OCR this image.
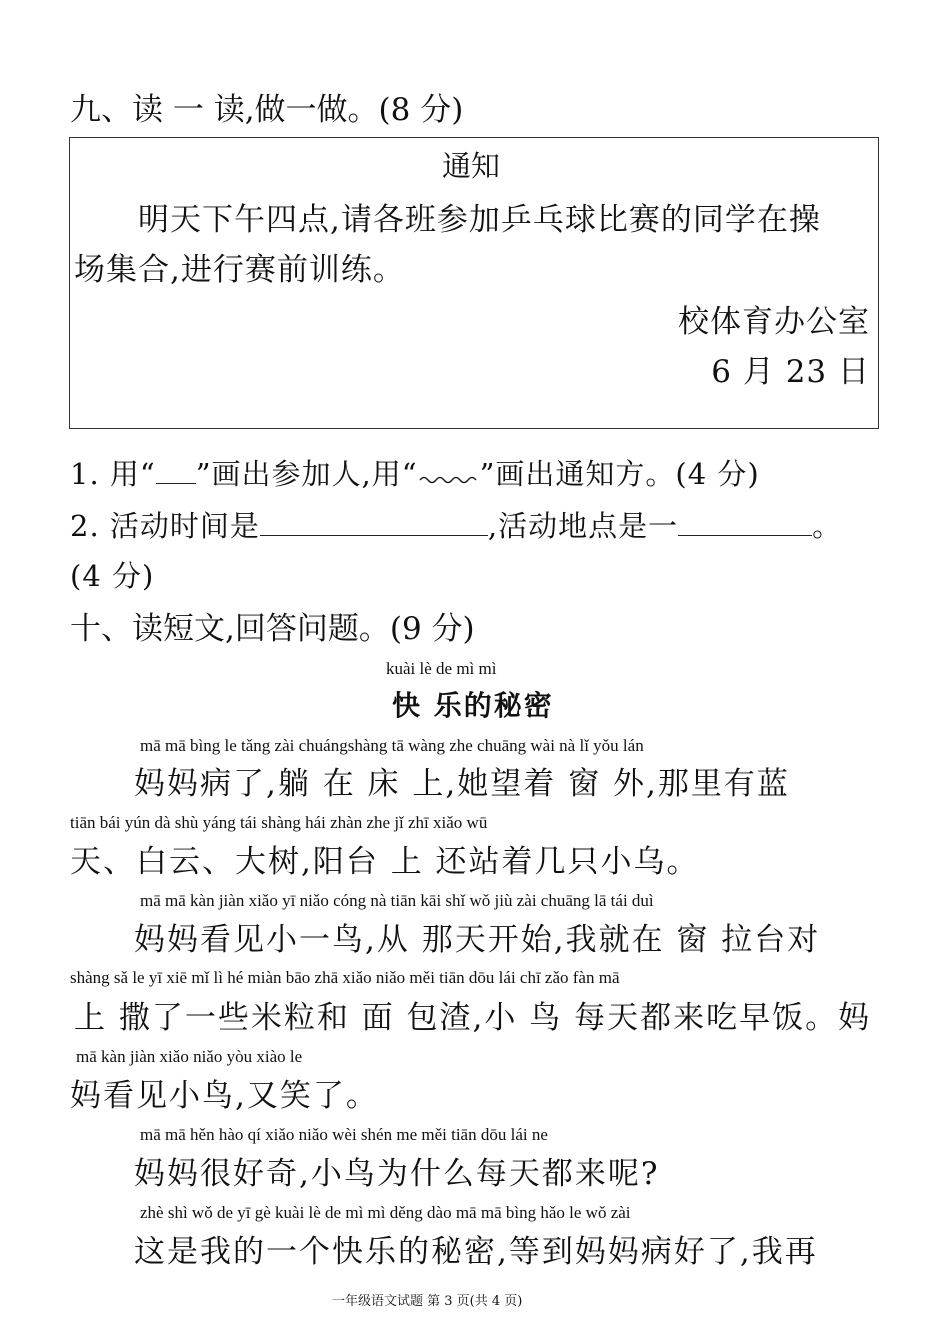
九、读 一 读,做一做。(8 分)
通知
明天下午四点,请各班参加乒乓球比赛的同学在操
场集合,进行赛前训练。
校体育办公室
6 月 23 日
1. 用“ ”画出参加人,用“ ”画出通知方。(4 分)
2. 活动时间是	,活动地点是一	。
(4 分)
十、读短文,回答问题。(9 分)
kuài lè de mì mì
快 乐的秘密
mā mā bìng le tǎng zài chuángshàng tā wàng zhe chuāng wài nà lǐ yǒu lán
妈妈病了,躺 在 床 上,她望着 窗 外,那里有蓝
tiān bái yún dà shù yáng tái shàng hái zhàn zhe jǐ zhī xiǎo wū
天、白云、大树,阳台 上 还站着几只小乌。
mā mā kàn jiàn xiǎo yī niǎo cóng nà tiān kāi shǐ wǒ jiù zài chuāng lā tái duì
妈妈看见小一鸟,从 那天开始,我就在 窗 拉台对
shàng sǎ le yī xiē mǐ lì hé miàn bāo zhā xiǎo niǎo měi tiān dōu lái chī zǎo fàn mā
上 撒了一些米粒和 面 包渣,小 鸟 每天都来吃早饭。妈
mā kàn jiàn xiǎo niǎo yòu xiào le
妈看见小鸟,又笑了。
mā mā hěn hào qí xiǎo niǎo wèi shén me měi tiān dōu lái ne
妈妈很好奇,小鸟为什么每天都来呢?
zhè shì wǒ de yī gè kuài lè de mì mì děng dào mā mā bìng hǎo le wǒ zài
这是我的一个快乐的秘密,等到妈妈病好了,我再
一年级语文试题 第 3 页(共 4 页)
